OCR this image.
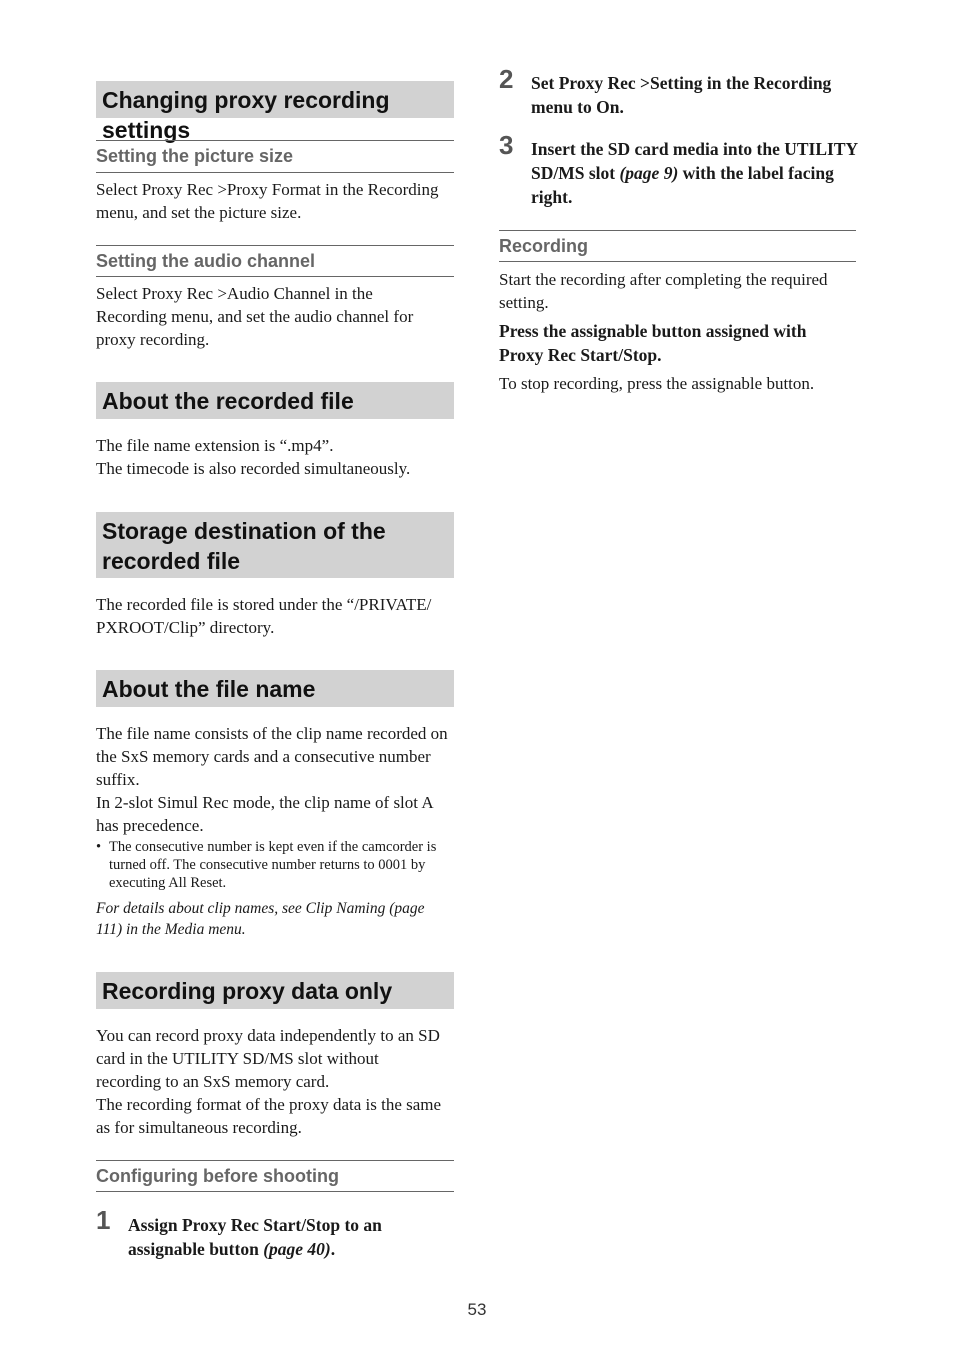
Changing proxy recording settings
Setting the picture size

Select Proxy Rec >Proxy Format in the Recording menu, and set the picture size.

Setting the audio channel

Select Proxy Rec >Audio Channel in the Recording menu, and set the audio channel for proxy recording.

About the recorded file

The file name extension is “.mp4”.

The timecode is also recorded simultaneously.

Storage destination of the
recorded file

The recorded file is stored under the “/PRIVATE/ PXROOT/Clip” directory.

About the file name

The file name consists of the clip name recorded on the SxS memory cards and a consecutive number suffix.

In 2-slot Simul Rec mode, the clip name of slot A has precedence.

• The consecutive number is kept even if the camcorder is turned off. The consecutive number returns to 0001 by executing All Reset.

For details about clip names, see Clip Naming (page 111) in the Media menu.

Recording proxy data only

You can record proxy data independently to an SD card in the UTILITY SD/MS slot without recording to an SxS memory card.

The recording format of the proxy data is the same as for simultaneous recording.

Configuring before shooting
1 Assign Proxy Rec Start/Stop to an assignable button (page 40).
2 Set Proxy Rec >Setting in the Recording menu to On.
3 Insert the SD card media into the UTILITY SD/MS slot (page 9) with the label facing right.
Recording

Start the recording after completing the required setting.

Press the assignable button assigned with Proxy Rec Start/Stop.

To stop recording, press the assignable button.

53
